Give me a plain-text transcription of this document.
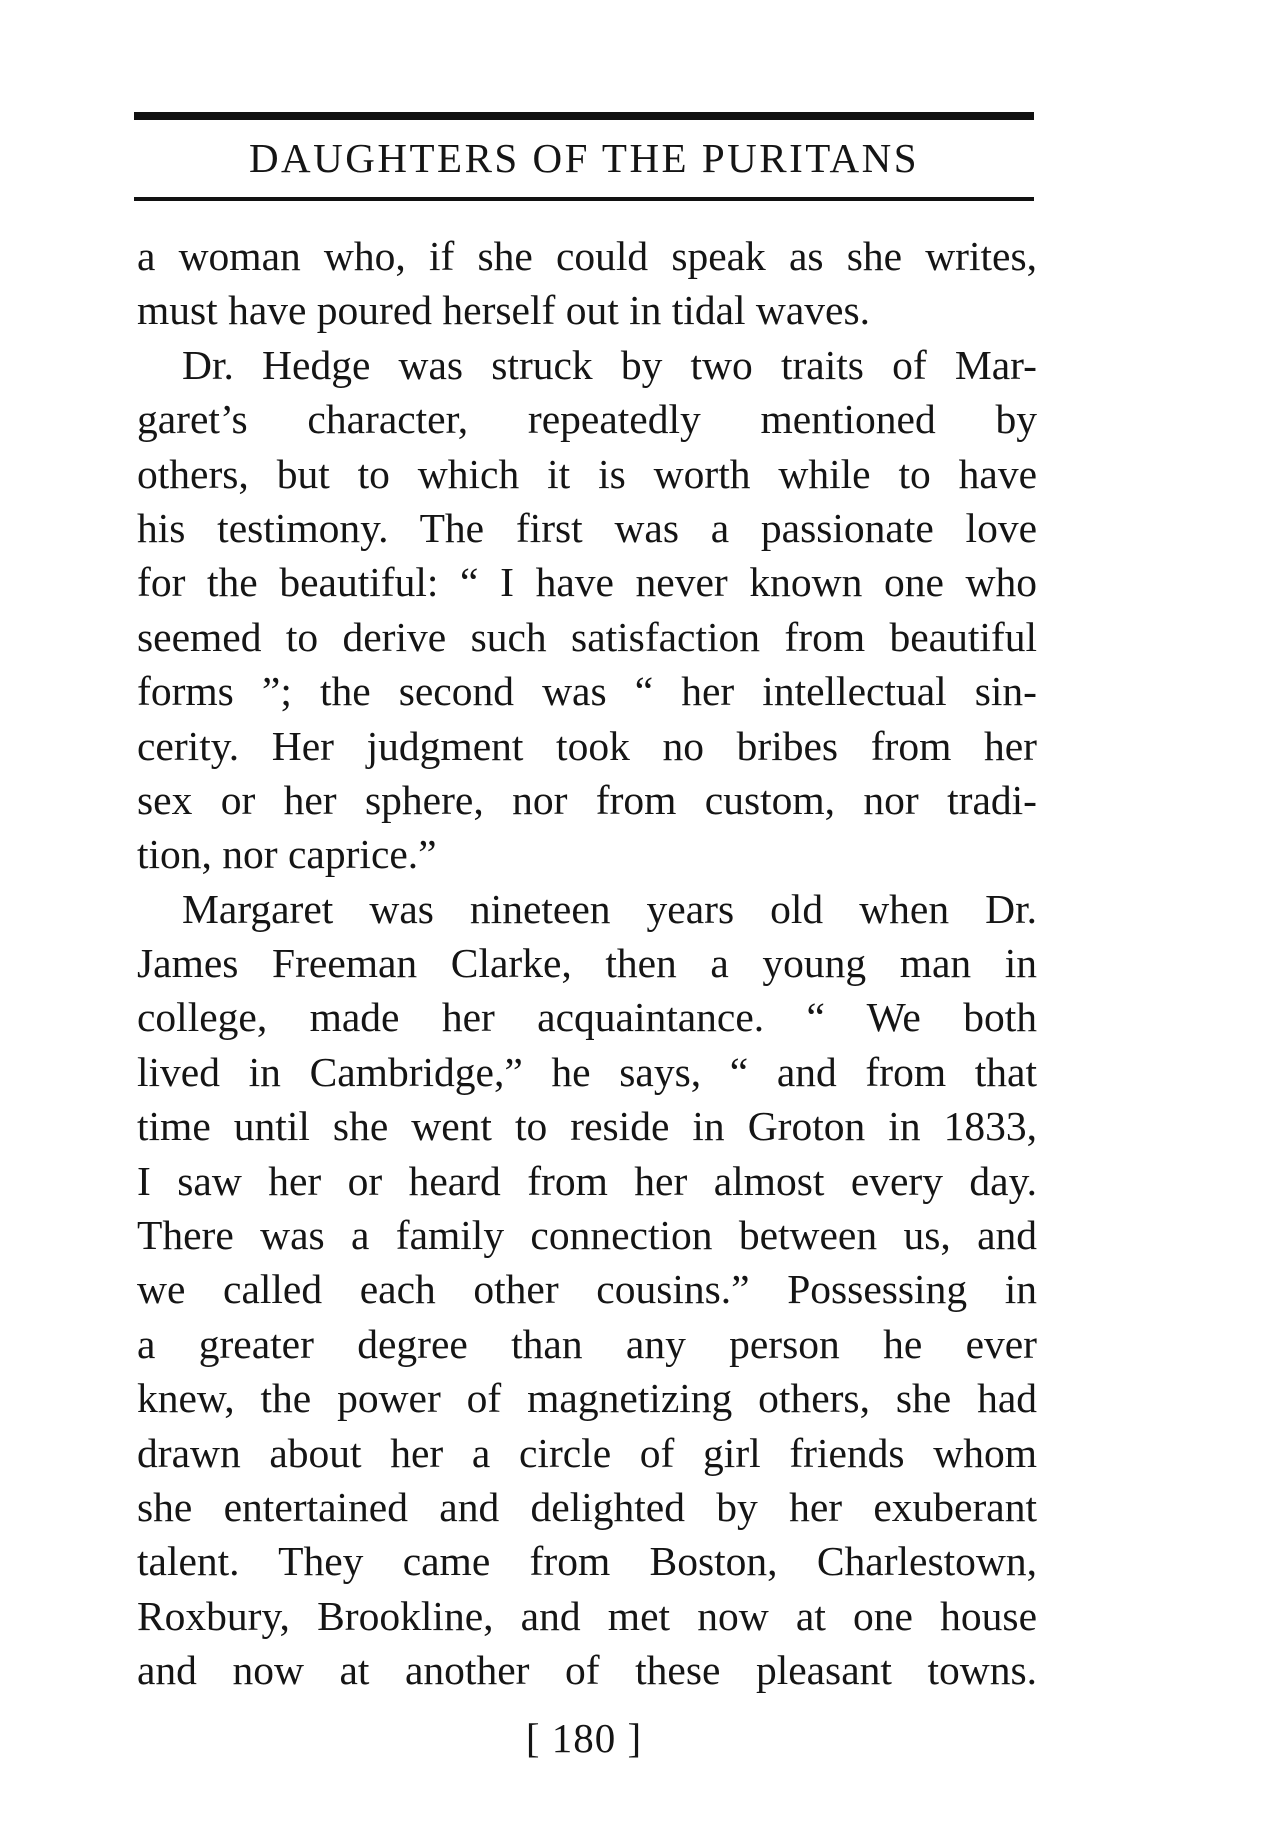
DAUGHTERS OF THE PURITANS
a woman who, if she could speak as she writes,
must have poured herself out in tidal waves.
Dr. Hedge was struck by two traits of Mar-
garet’s character, repeatedly mentioned by
others, but to which it is worth while to have
his testimony. The first was a passionate love
for the beautiful: “ I have never known one who
seemed to derive such satisfaction from beautiful
forms ”; the second was “ her intellectual sin-
cerity. Her judgment took no bribes from her
sex or her sphere, nor from custom, nor tradi-
tion, nor caprice.”
Margaret was nineteen years old when Dr.
James Freeman Clarke, then a young man in
college, made her acquaintance. “ We both
lived in Cambridge,” he says, “ and from that
time until she went to reside in Groton in 1833,
I saw her or heard from her almost every day.
There was a family connection between us, and
we called each other cousins.” Possessing in
a greater degree than any person he ever
knew, the power of magnetizing others, she had
drawn about her a circle of girl friends whom
she entertained and delighted by her exuberant
talent. They came from Boston, Charlestown,
Roxbury, Brookline, and met now at one house
and now at another of these pleasant towns.
[ 180 ]
